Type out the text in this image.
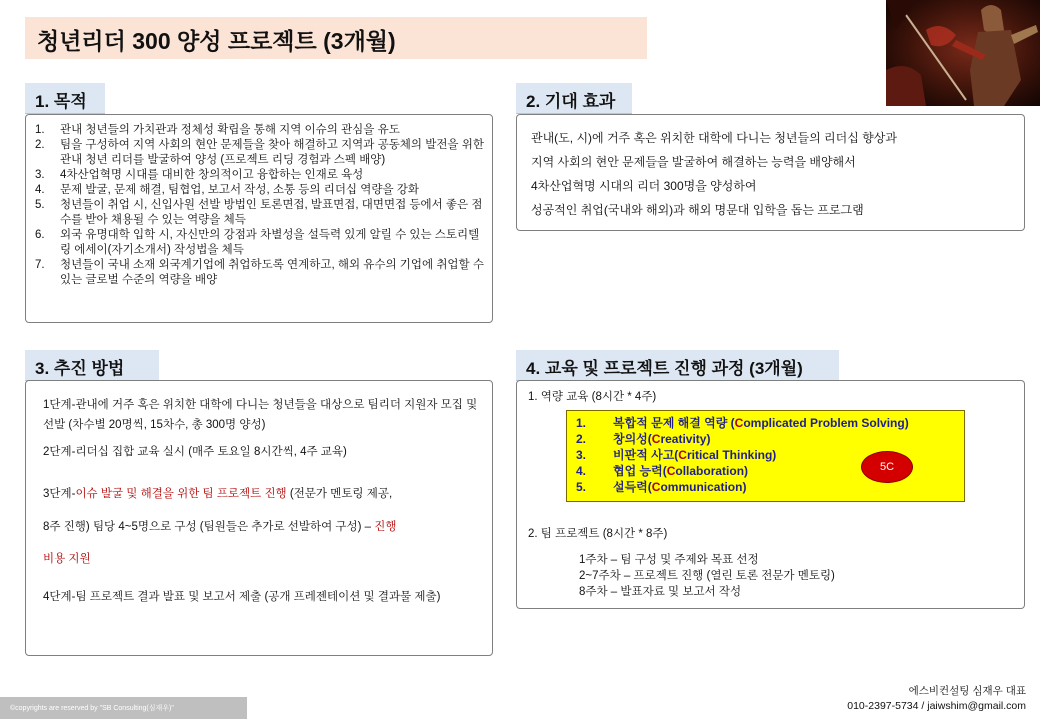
청년리더 300 양성 프로젝트 (3개월)
1. 목적
1. 관내 청년들의 가치관과 정체성 확립을 통해 지역 이슈의 관심을 유도
2. 팀을 구성하여 지역 사회의 현안 문제들을 찾아 해결하고 지역과 공동체의 발전을 위한 관내 청년 리더를 발굴하여 양성 (프로젝트 리딩 경험과 스펙 배양)
3. 4차산업혁명 시대를 대비한 창의적이고 융합하는 인재로 육성
4. 문제 발굴, 문제 해결, 팀협업, 보고서 작성, 소통 등의 리더십 역량을 강화
5. 청년들이 취업 시, 신입사원 선발 방법인 토론면접, 발표면접, 대면면접 등에서 좋은 점수를 받아 채용될 수 있는 역량을 체득
6. 외국 유명대학 입학 시, 자신만의 강점과 차별성을 설득력 있게 알릴 수 있는 스토리텔링 에세이(자기소개서) 작성법을 체득
7. 청년들이 국내 소재 외국계기업에 취업하도록 연계하고, 해외 유수의 기업에 취업할 수 있는 글로벌 수준의 역량을 배양
2. 기대 효과
관내(도, 시)에 거주 혹은 위치한 대학에 다니는 청년들의 리더십 향상과
지역 사회의 현안 문제들을 발굴하여 해결하는 능력을 배양해서
4차산업혁명 시대의 리더 300명을 양성하여
성공적인 취업(국내와 해외)과 해외 명문대 입학을 돕는 프로그램
3. 추진 방법
1단계-관내에 거주 혹은 위치한 대학에 다니는 청년들을 대상으로 팀리더 지원자 모집 및 선발 (차수별 20명씩, 15차수, 총 300명 양성)
2단계-리더십 집합 교육 실시 (매주 토요일 8시간씩, 4주 교육)
3단계-이슈 발굴 및 해결을 위한 팀 프로젝트 진행 (전문가 멘토링 제공,
8주 진행) 팀당 4~5명으로 구성 (팀원들은 추가로 선발하여 구성) – 진행
비용 지원
4단계-팀 프로젝트 결과 발표 및 보고서 제출 (공개 프레젠테이션 및 결과물 제출)
4. 교육 및 프로젝트 진행 과정 (3개월)
1. 역량 교육 (8시간 * 4주)
2. 팀 프로젝트 (8시간 * 8주)
1주차 – 팀 구성 및 주제와 목표 선정
2~7주차 – 프로젝트 진행 (열린 토론 전문가 멘토링)
8주차 – 발표자료 및 보고서 작성
1. 복합적 문제 해결 역량 (Complicated Problem Solving)
2. 창의성(Creativity)
3. 비판적 사고(Critical Thinking)
4. 협업 능력(Collaboration)
5. 설득력(Communication)
5C
©copyrights are reserved by "SB Consulting(심재우)"
에스비컨설팅 심재우 대표
010-2397-5734 / jaiwshim@gmail.com
